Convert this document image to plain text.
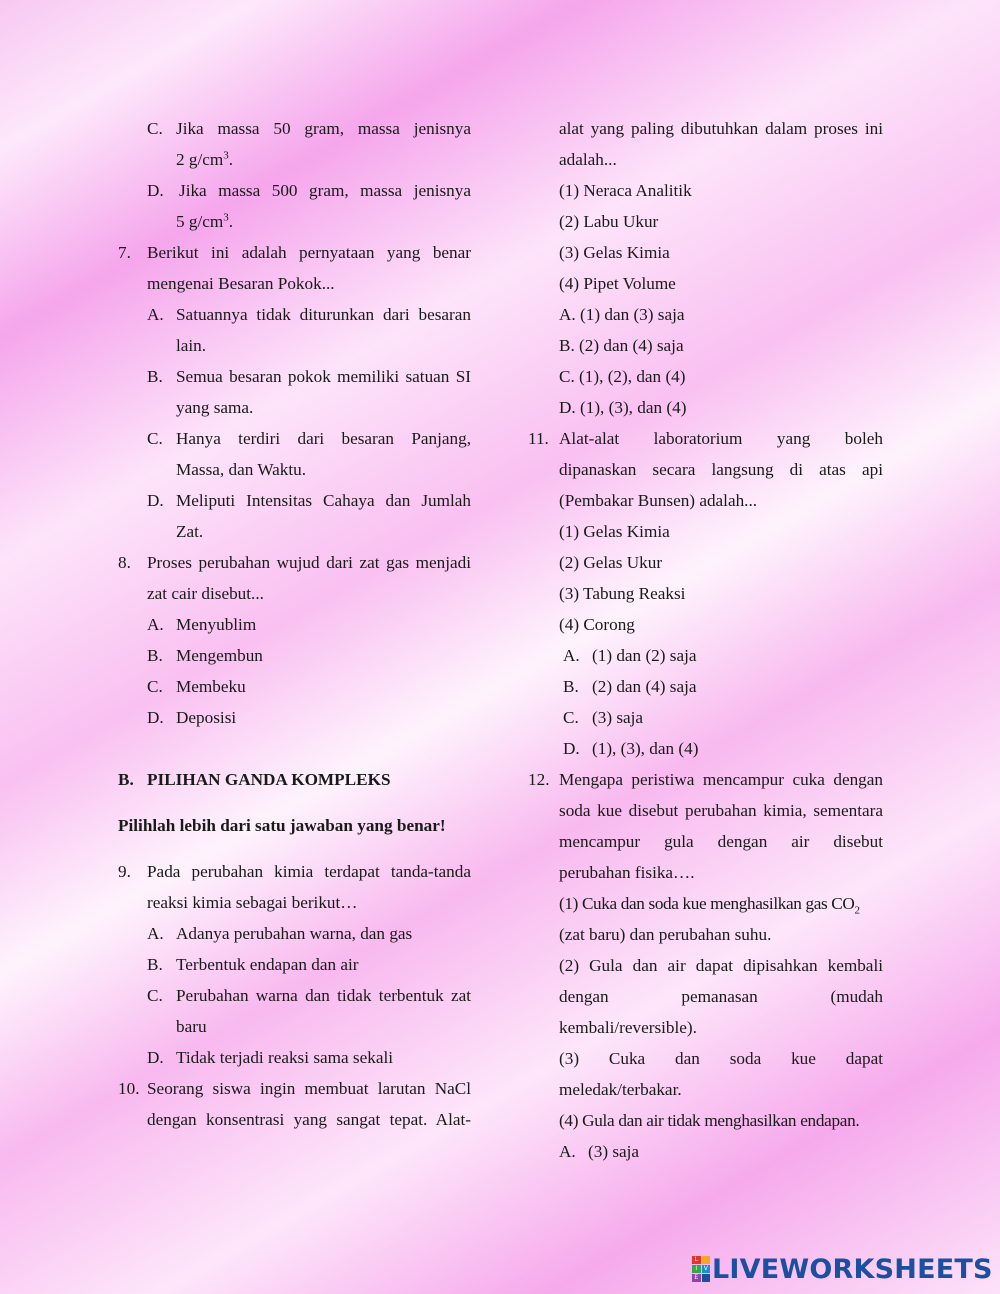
C. Jika massa 50 gram, massa jenisnya
2 $g/cm^3$.
D. Jika massa 500 gram, massa jenisnya
5 $g/cm^3$.
7. Berikut ini adalah pernyataan yang benar
mengenai Besaran Pokok...
A. Satuannya tidak diturunkan dari besaran
lain.
B. Semua besaran pokok memiliki satuan SI
yang sama.
C. Hanya terdiri dari besaran Panjang,
Massa, dan Waktu.
D. Meliputi Intensitas Cahaya dan Jumlah
Zat.
8. Proses perubahan wujud dari zat gas menjadi
zat cair disebut...
A. Menyublim
B. Mengembun
C. Membeku
D. Deposisi
B. PILIHAN GANDA KOMPLEKS
Pilihlah lebih dari satu jawaban yang benar!
9. Pada perubahan kimia terdapat tanda-tanda
reaksi kimia sebagai berikut…
A. Adanya perubahan warna, dan gas
B. Terbentuk endapan dan air
C. Perubahan warna dan tidak terbentuk zat
baru
D. Tidak terjadi reaksi sama sekali
10. Seorang siswa ingin membuat larutan NaCl
dengan konsentrasi yang sangat tepat. Alat-
alat yang paling dibutuhkan dalam proses ini
adalah...
(1) Neraca Analitik
(2) Labu Ukur
(3) Gelas Kimia
(4) Pipet Volume
A. (1) dan (3) saja
B. (2) dan (4) saja
C. (1), (2), dan (4)
D. (1), (3), dan (4)
11. Alat-alat laboratorium yang boleh
dipanaskan secara langsung di atas api
(Pembakar Bunsen) adalah...
(1) Gelas Kimia
(2) Gelas Ukur
(3) Tabung Reaksi
(4) Corong
A. (1) dan (2) saja
B. (2) dan (4) saja
C. (3) saja
D. (1), (3), dan (4)
12. Mengapa peristiwa mencampur cuka dengan
soda kue disebut perubahan kimia, sementara
mencampur gula dengan air disebut
perubahan fisika….
(1) Cuka dan soda kue menghasilkan gas $CO_2$
(zat baru) dan perubahan suhu.
(2) Gula dan air dapat dipisahkan kembali
dengan pemanasan (mudah
kembali/reversible).
(3) Cuka dan soda kue dapat
meledak/terbakar.
(4) Gula dan air tidak menghasilkan endapan.
A. (3) saja
L
I	V
E LIVEWORKSHEETS
